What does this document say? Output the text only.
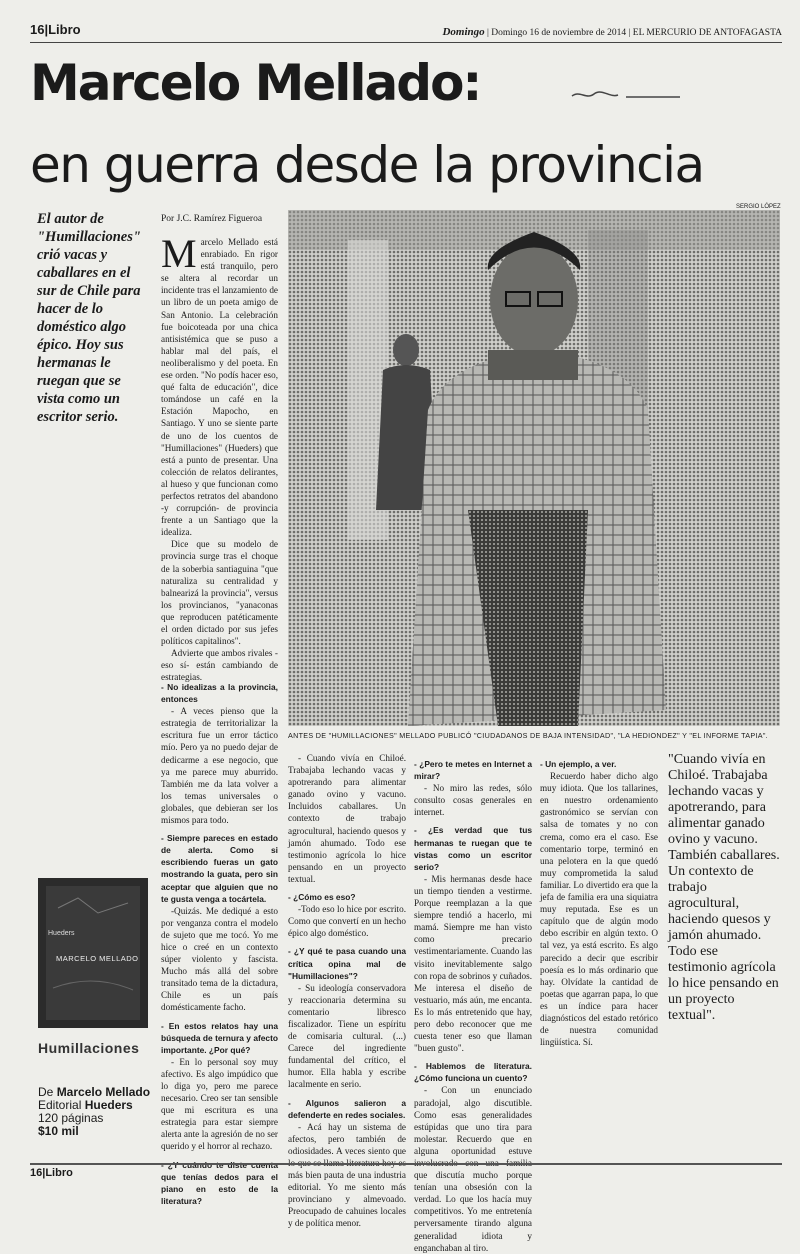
16|Libro	Domingo | Domingo 16 de noviembre de 2014 | EL MERCURIO DE ANTOFAGASTA
Marcelo Mellado:
en guerra desde la provincia
El autor de "Humillaciones" crió vacas y caballares en el sur de Chile para hacer de lo doméstico algo épico. Hoy sus hermanas le ruegan que se vista como un escritor serio.
Por J.C. Ramírez Figueroa

Marcelo Mellado está enrabiado. En rigor está tranquilo, pero se altera al recordar un incidente tras el lanzamiento de un libro de un poeta amigo de San Antonio. La celebración fue boicoteada por una chica antisistémica que se puso a hablar mal del país, el neoliberalismo y del poeta. En ese orden. "No podís hacer eso, qué falta de educación", dice tomándose un café en la Estación Mapocho, en Santiago. Y uno se siente parte de uno de los cuentos de "Humillaciones" (Hueders) que está a punto de presentar. Una colección de relatos delirantes, al hueso y que funcionan como perfectos retratos del abandono -y corrupción- de provincia frente a un Santiago que la idealiza.

Dice que su modelo de provincia surge tras el choque de la soberbia santiaguina "que naturaliza su centralidad y balnearizá la provincia", versus los provincianos, "yanaconas que reproducen patéticamente el orden dictado por sus jefes políticos capitalinos".

Advierte que ambos rivales -eso sí- están cambiando de estrategias.

- No idealizas a la provincia, entonces

- A veces pienso que la estrategia de territorializar la escritura fue un error táctico mío. Pero ya no puedo dejar de dedicarme a ese negocio, que ya me parece muy aburrido. También me da lata volver a los temas universales o globales, que debieran ser los mismos para todo.

- Siempre pareces en estado de alerta. Como si escribiendo fueras un gato mostrando la guata, pero sin aceptar que alguien que no te gusta venga a tocártela.

-Quizás. Me dediqué a esto por venganza contra el modelo de sujeto que me tocó. Yo me hice o creé en un contexto súper violento y fascista. Mucho más allá del sobre transitado tema de la dictadura, Chile es un país domésticamente facho.

- En estos relatos hay una búsqueda de ternura y afecto importante. ¿Por qué?

- En lo personal soy muy afectivo. Es algo impúdico que lo diga yo, pero me parece necesario. Creo ser tan sensible que mi escritura es una estrategia para estar siempre alerta ante la agresión de no ser querido y el horror al rechazo.

que tenías dedos para el piano en esto de la literatura?

- Cuando vivía en Chiloé. Trabajaba lechando vacas y apotrerando para alimentar ganado ovino y vacuno. Incluidos caballares. Un contexto de trabajo agrocultural, haciendo quesos y jamón ahumado. Todo ese testimonio agrícola lo hice pensando en un proyecto textual.

- ¿Cómo es eso?

-Todo eso lo hice por escrito. Como que convertí en un hecho épico algo doméstico.

- ¿Y qué te pasa cuando una crítica opina mal de "Humillaciones"?

- Su ideología conservadora y reaccionaria determina su comentario libresco fiscalizador. Tiene un espíritu de comisaria cultural. (...) Carece del ingrediente fundamental del crítico, el humor. Ella habla y escribe lacalmente en serio.

- Algunos salieron a defenderte en redes sociales.

- Acá hay un sistema de afectos, pero también de odiosidades. A veces siento que más bien pauta de una industria editorial. Yo me siento más provinciano y almevoado. Preocupado de cahuines locales y de política menor.

- ¿Pero te metes en Internet a mirar?

- No miro las redes, sólo consulto cosas generales en internet.

- ¿Es verdad que tus hermanas te ruegan que te vistas como un escritor serio?

- Mis hermanas desde hace un tiempo tienden a vestirme. Porque reemplazan a la que siempre tendió a hacerlo, mi mamá. Siempre me han visto como precario vestimentariamente. Cuando las visito inevitablemente salgo con ropa de sobrinos y cuñados. Me interesa el diseño de vestuario, más aún, me encanta. Es lo más entretenido que hay, pero debo reconocer que me cuesta tener eso que llaman "buen gusto".

- Hablemos de literatura. ¿Cómo funciona un cuento?

- Con un enunciado paradojal, algo discutible. Como esas generalidades estúpidas que uno tira para molestar. Recuerdo que en alguna oportunidad estuve que discutía mucho porque tenían una obsesión con la verdad. Lo que los hacía muy competitivos. Yo me entretenía perversamente tirando alguna generalidad idiota y enganchaban al tiro.

- Un ejemplo, a ver.

Recuerdo haber dicho algo muy idiota. Que los tallarines, en nuestro ordenamiento gastronómico se servían con salsa de tomates y no con crema, como era el caso. Ese comentario torpe, terminó en una pelotera en la que quedó muy comprometida la salud familiar. Lo divertido era que la jefa de familia era una siquiatra muy reputada. Ese es un capítulo que de algún modo debo escribir en algún texto. O tal vez, ya está escrito. Es algo parecido a decir que escribir poesía es lo más ordinario que hay. Olvídate la cantidad de poetas que agarran papa, lo que es un índice para hacer diagnósticos del estado retórico de nuestra comunidad lingüística. Sí.

SERGIO LÓPEZ
ANTES DE "HUMILLACIONES" MELLADO PUBLICÓ "CIUDADANOS DE BAJA INTENSIDAD", "LA HEDIONDEZ" Y "EL INFORME TAPIA".
"Cuando vivía en Chiloé. Trabajaba lechando vacas y apotrerando, para alimentar ganado ovino y vacuno. También caballares. Un contexto de trabajo agrocultural, haciendo quesos y jamón ahumado. Todo ese testimonio agrícola lo hice pensando en un proyecto textual".
Hueders
MARCELO MELLADO
Humillaciones
De Marcelo Mellado
Editorial Hueders
120 páginas
$10 mil
16|Libro
